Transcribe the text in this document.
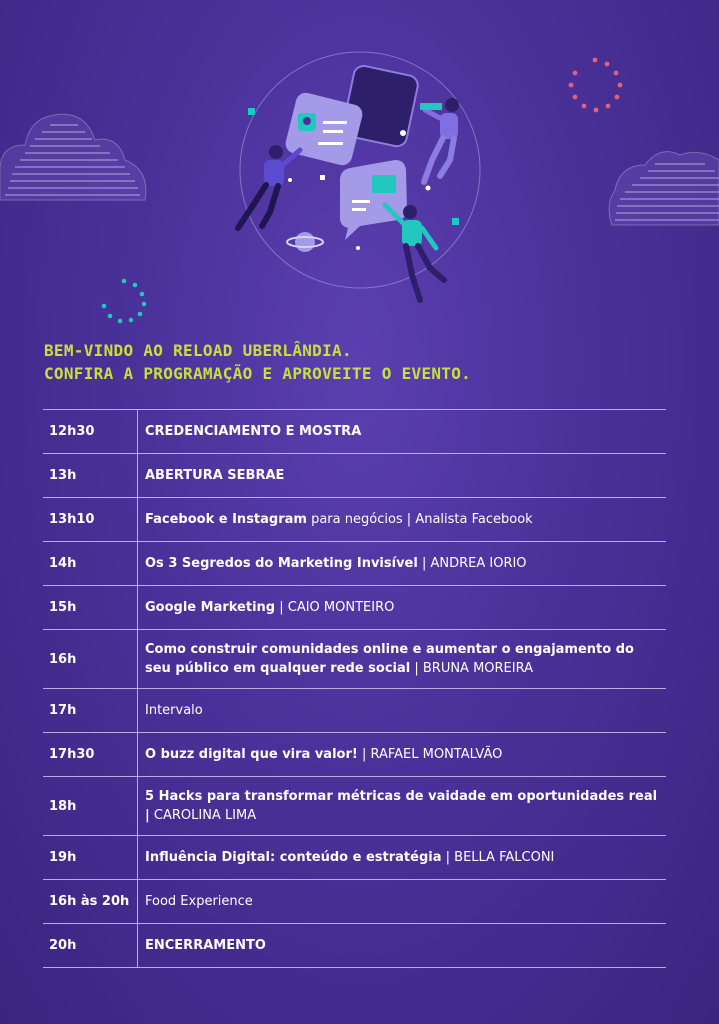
BEM-VINDO AO RELOAD UBERLÂNDIA.
CONFIRA A PROGRAMAÇÃO E APROVEITE O EVENTO.
12h30	CREDENCIAMENTO E MOSTRA
13h	ABERTURA SEBRAE
13h10	Facebook e Instagram para negócios | Analista Facebook
14h	Os 3 Segredos do Marketing Invisível | ANDREA IORIO
15h	Google Marketing | CAIO MONTEIRO
16h	Como construir comunidades online e aumentar o engajamento do seu público em qualquer rede social | BRUNA MOREIRA
17h	Intervalo
17h30	O buzz digital que vira valor! | RAFAEL MONTALVÃO
18h	5 Hacks para transformar métricas de vaidade em oportunidades real | CAROLINA LIMA
19h	Influência Digital: conteúdo e estratégia | BELLA FALCONI
16h às 20h	Food Experience
20h	ENCERRAMENTO
